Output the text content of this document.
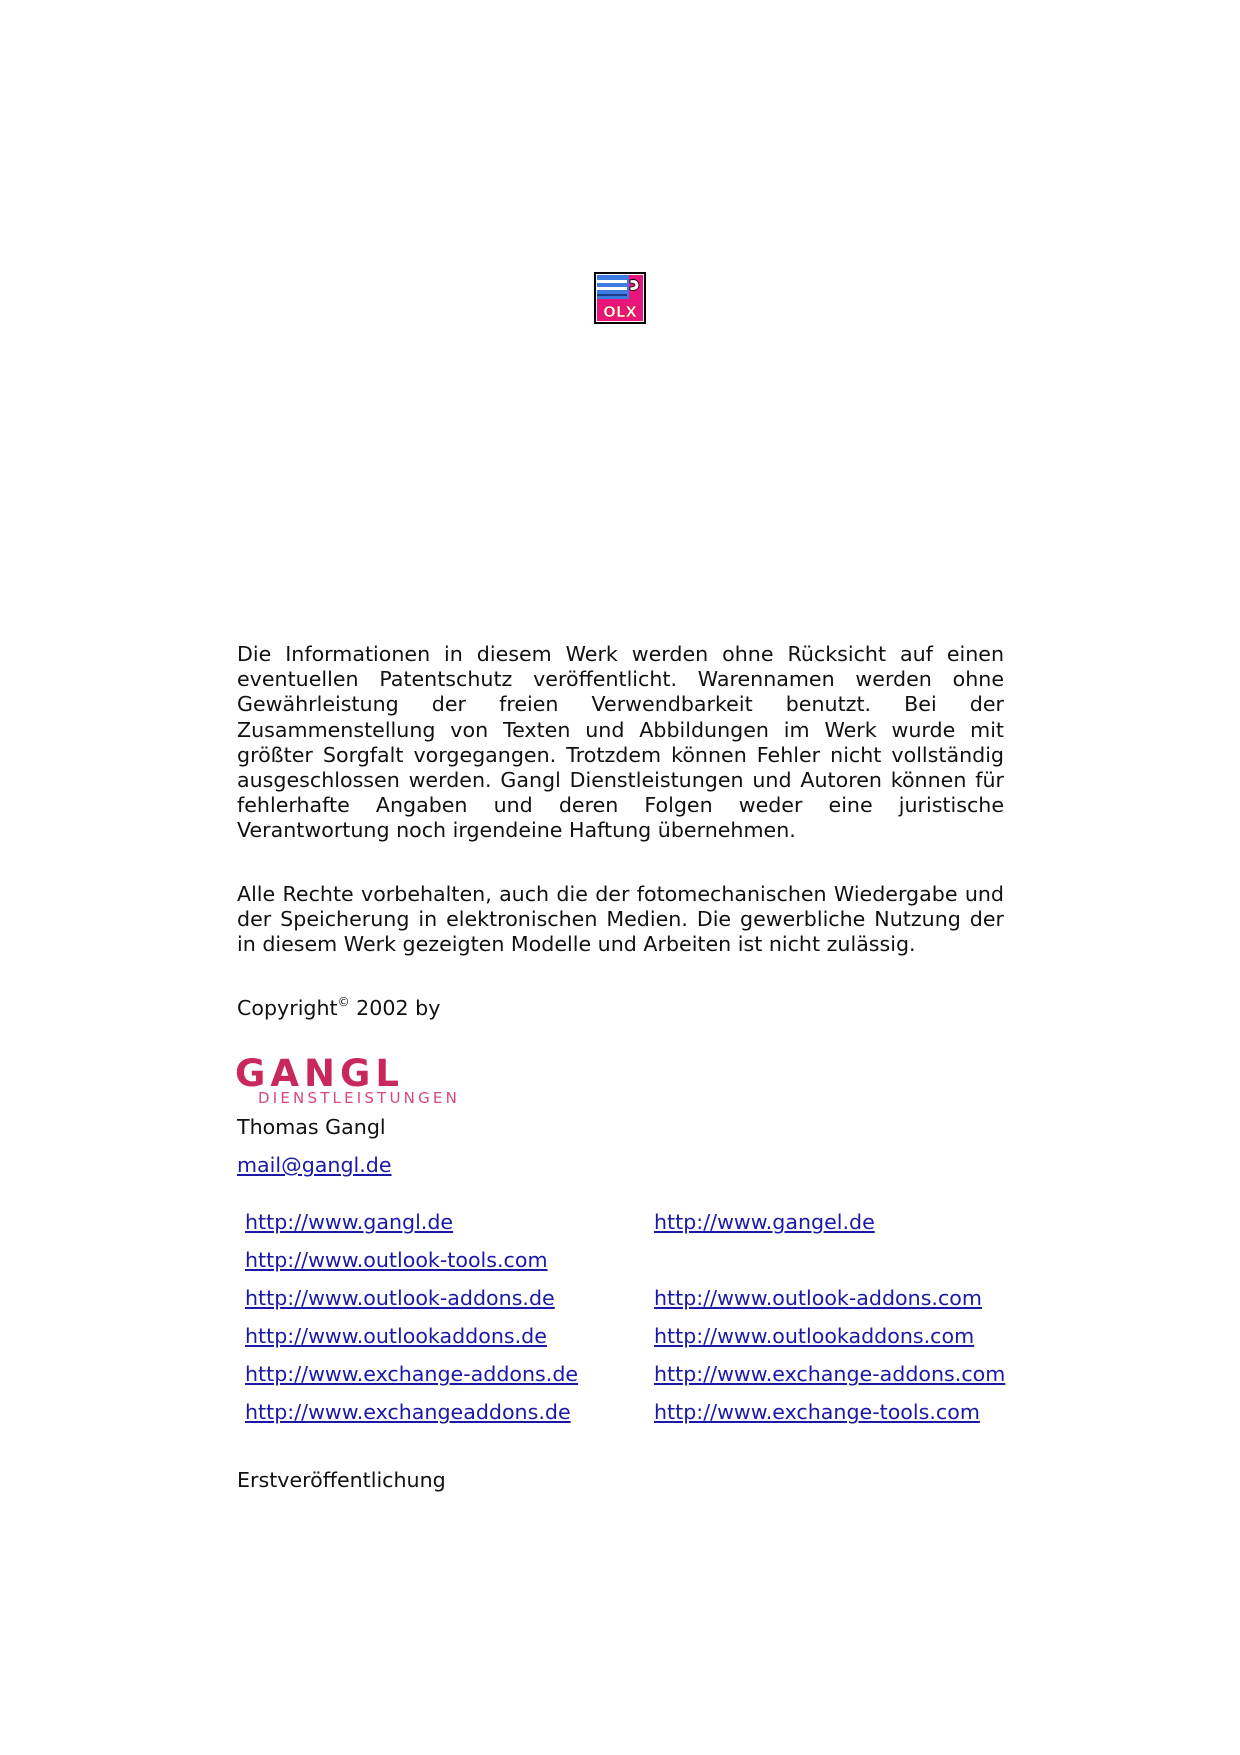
OLX
Die Informationen in diesem Werk werden ohne Rücksicht auf einen eventuellen Patentschutz veröffentlicht. Warennamen werden ohne Gewährleistung der freien Verwendbarkeit benutzt. Bei der Zusammenstellung von Texten und Abbildungen im Werk wurde mit größter Sorgfalt vorgegangen. Trotzdem können Fehler nicht vollständig ausgeschlossen werden. Gangl Dienstleistungen und Autoren können für fehlerhafte Angaben und deren Folgen weder eine juristische Verantwortung noch irgendeine Haftung übernehmen.
Alle Rechte vorbehalten, auch die der fotomechanischen Wiedergabe und der Speicherung in elektronischen Medien. Die gewerbliche Nutzung der in diesem Werk gezeigten Modelle und Arbeiten ist nicht zulässig.
Copyright© 2002 by
GANGL
DIENSTLEISTUNGEN
Thomas Gangl
mail@gangl.de
http://www.gangl.de
http://www.outlook-tools.com
http://www.outlook-addons.de
http://www.outlookaddons.de
http://www.exchange-addons.de
http://www.exchangeaddons.de
http://www.gangel.de
http://www.outlook-addons.com
http://www.outlookaddons.com
http://www.exchange-addons.com
http://www.exchange-tools.com
Erstveröffentlichung
